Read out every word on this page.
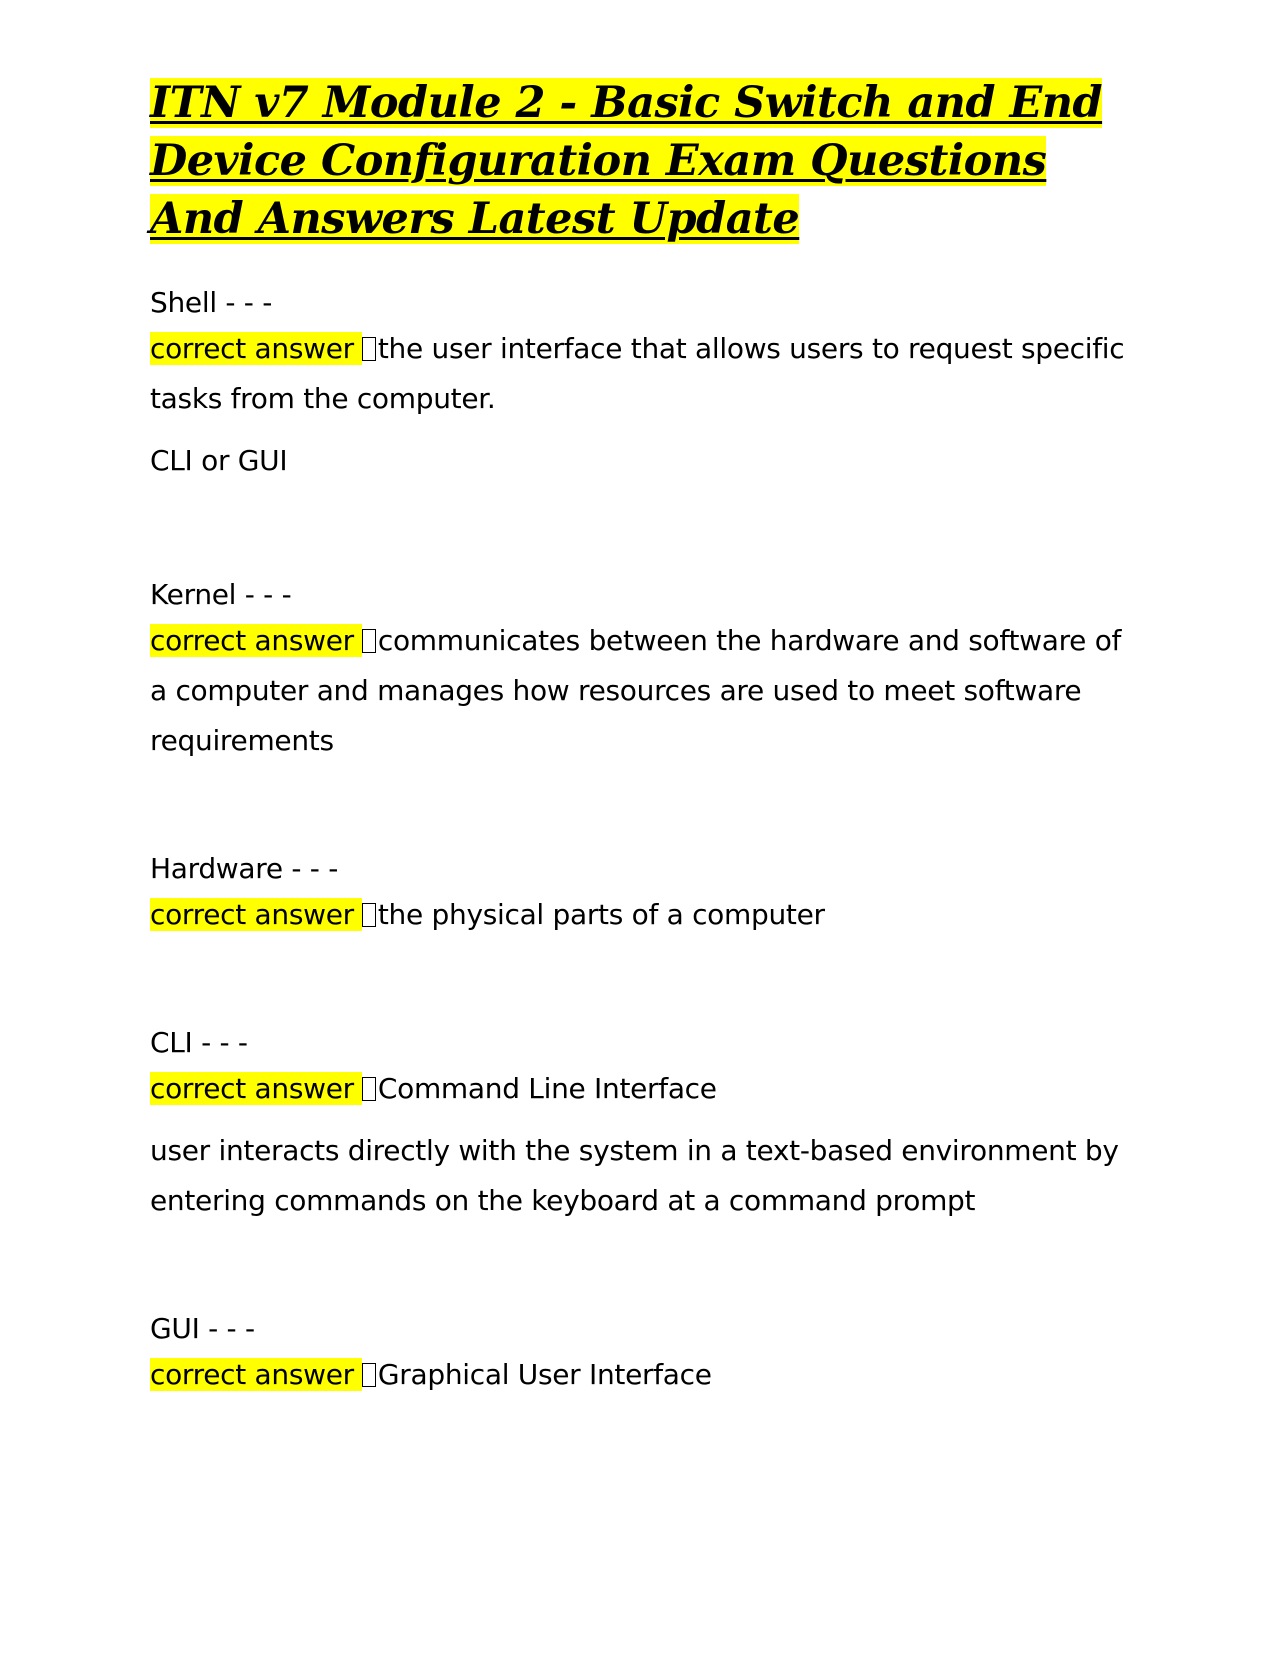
ITN v7 Module 2 - Basic Switch and End Device Configuration Exam Questions And Answers Latest Update

Shell - - -

correct answer the user interface that allows users to request specific tasks from the computer.

CLI or GUI

Kernel - - -

correct answer communicates between the hardware and software of a computer and manages how resources are used to meet software requirements

Hardware - - -

correct answer the physical parts of a computer

CLI - - -

correct answer Command Line Interface

user interacts directly with the system in a text-based environment by entering commands on the keyboard at a command prompt

GUI - - -

correct answer Graphical User Interface
